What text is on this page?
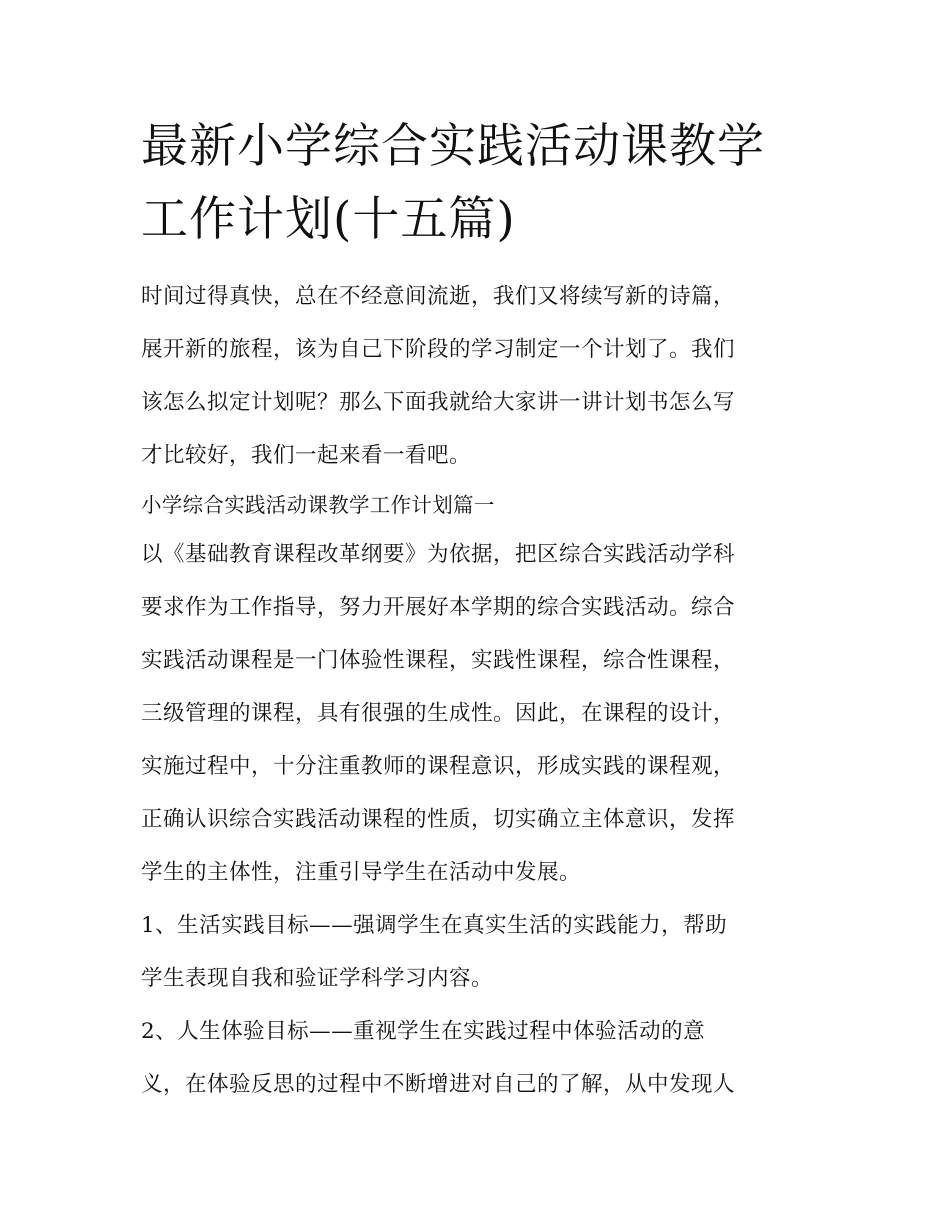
最新小学综合实践活动课教学
工作计划(十五篇)

时间过得真快，总在不经意间流逝，我们又将续写新的诗篇，
展开新的旅程，该为自己下阶段的学习制定一个计划了。我们
该怎么拟定计划呢？那么下面我就给大家讲一讲计划书怎么写
才比较好，我们一起来看一看吧。

小学综合实践活动课教学工作计划篇一

以《基础教育课程改革纲要》为依据，把区综合实践活动学科
要求作为工作指导，努力开展好本学期的综合实践活动。综合
实践活动课程是一门体验性课程，实践性课程，综合性课程，
三级管理的课程，具有很强的生成性。因此，在课程的设计，
实施过程中，十分注重教师的课程意识，形成实践的课程观，
正确认识综合实践活动课程的性质，切实确立主体意识，发挥
学生的主体性，注重引导学生在活动中发展。

1、生活实践目标——强调学生在真实生活的实践能力，帮助
学生表现自我和验证学科学习内容。

2、人生体验目标——重视学生在实践过程中体验活动的意
义，在体验反思的过程中不断增进对自己的了解，从中发现人
